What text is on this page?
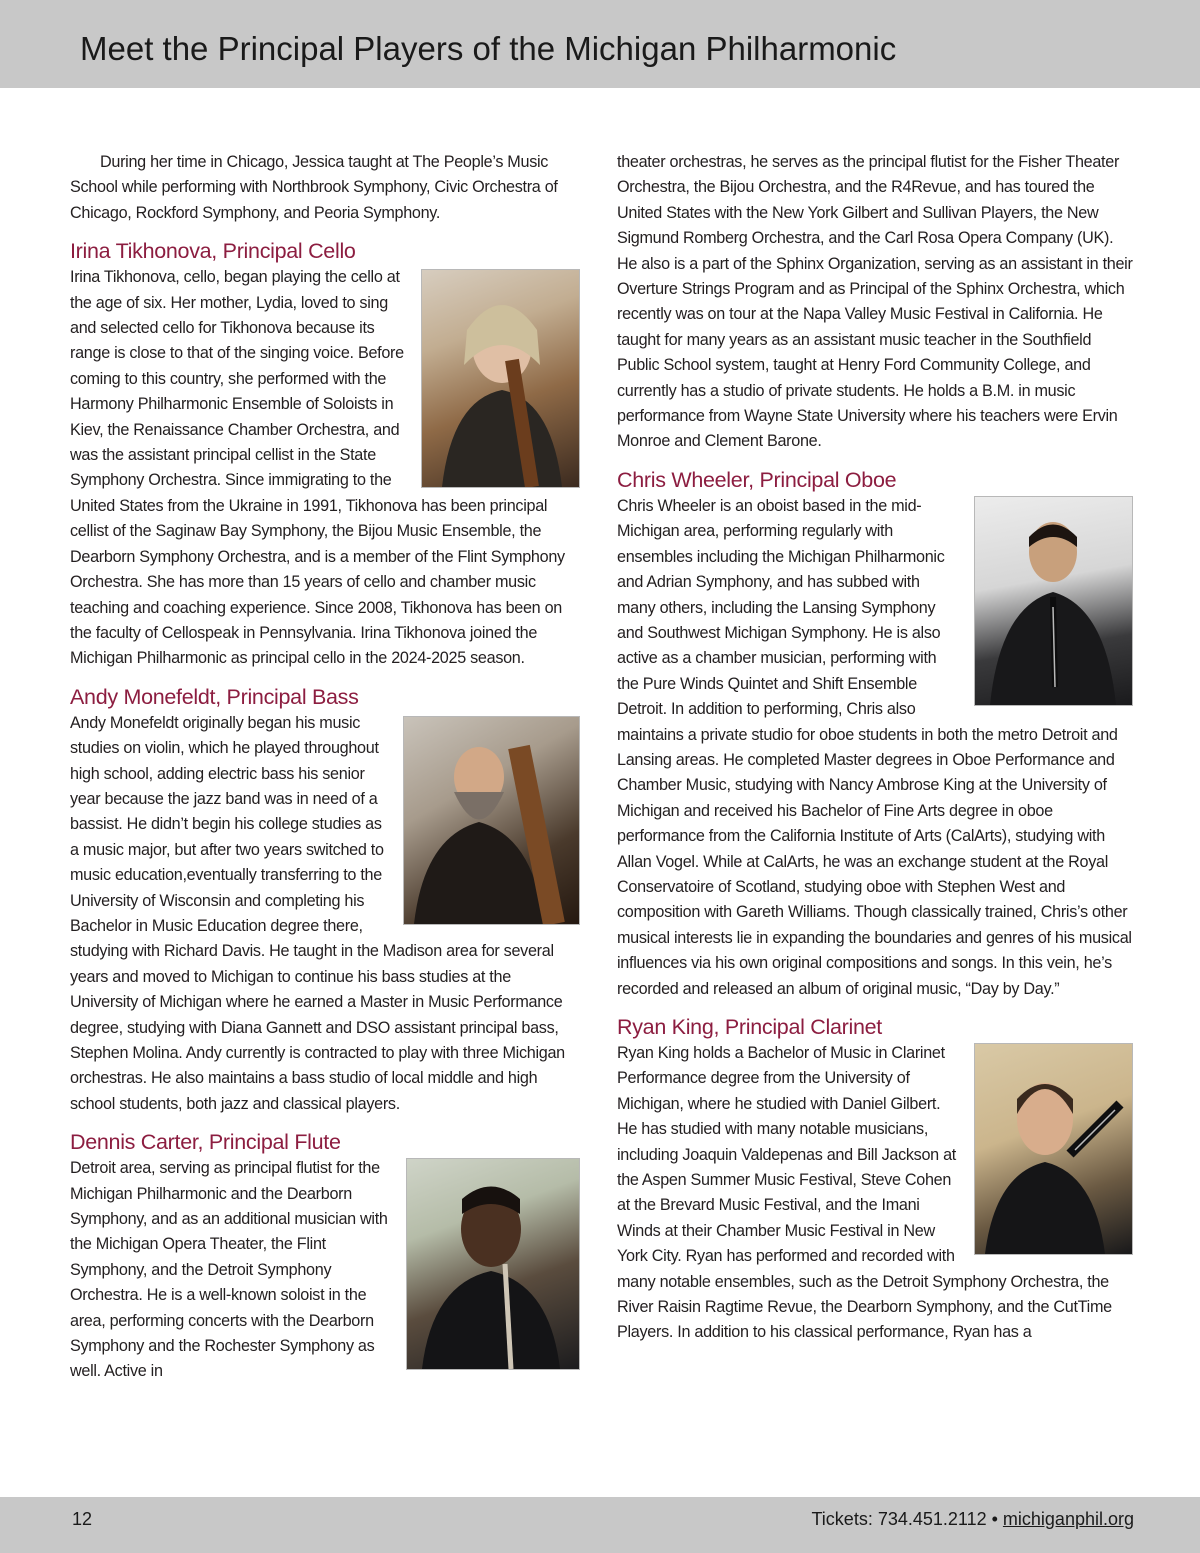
Meet the Principal Players of the Michigan Philharmonic

During her time in Chicago, Jessica taught at The People’s Music School while performing with Northbrook Symphony, Civic Orchestra of Chicago, Rockford Symphony, and Peoria Symphony.

Irina Tikhonova, Principal Cello

Irina Tikhonova, cello, began playing the cello at the age of six. Her mother, Lydia, loved to sing and selected cello for Tikhonova because its range is close to that of the singing voice. Before coming to this country, she performed with the Harmony Philharmonic Ensemble of Soloists in Kiev, the Renaissance Chamber Orchestra, and was the assistant principal cellist in the State Symphony Orchestra. Since immigrating to the United States from the Ukraine in 1991, Tikhonova has been principal cellist of the Saginaw Bay Symphony, the Bijou Music Ensemble, the Dearborn Symphony Orchestra, and is a member of the Flint Symphony Orchestra. She has more than 15 years of cello and chamber music teaching and coaching experience. Since 2008, Tikhonova has been on the faculty of Cellospeak in Pennsylvania. Irina Tikhonova joined the Michigan Philharmonic as principal cello in the 2024-2025 season.

Andy Monefeldt, Principal Bass

Andy Monefeldt originally began his music studies on violin, which he played throughout high school, adding electric bass his senior year because the jazz band was in need of a bassist. He didn’t begin his college studies as a music major, but after two years switched to music education,eventually transferring to the University of Wisconsin and completing his Bachelor in Music Education degree there, studying with Richard Davis. He taught in the Madison area for several years and moved to Michigan to continue his bass studies at the University of Michigan where he earned a Master in Music Performance degree, studying with Diana Gannett and DSO assistant principal bass, Stephen Molina. Andy currently is contracted to play with three Michigan orchestras. He also maintains a bass studio of local middle and high school students, both jazz and classical players.

Dennis Carter, Principal Flute

Detroit area, serving as principal flutist for the Michigan Philharmonic and the Dearborn Symphony, and as an additional musician with the Michigan Opera Theater, the Flint Symphony, and the Detroit Symphony Orchestra. He is a well-known soloist in the area, performing concerts with the Dearborn Symphony and the Rochester Symphony as well. Active in

theater orchestras, he serves as the principal flutist for the Fisher Theater Orchestra, the Bijou Orchestra, and the R4Revue, and has toured the United States with the New York Gilbert and Sullivan Players, the New Sigmund Romberg Orchestra, and the Carl Rosa Opera Company (UK). He also is a part of the Sphinx Organization, serving as an assistant in their Overture Strings Program and as Principal of the Sphinx Orchestra, which recently was on tour at the Napa Valley Music Festival in California. He taught for many years as an assistant music teacher in the Southfield Public School system, taught at Henry Ford Community College, and currently has a studio of private students. He holds a B.M. in music performance from Wayne State University where his teachers were Ervin Monroe and Clement Barone.

Chris Wheeler, Principal Oboe

Chris Wheeler is an oboist based in the mid-Michigan area, performing regularly with ensembles including the Michigan Philharmonic and Adrian Symphony, and has subbed with many others, including the Lansing Symphony and Southwest Michigan Symphony. He is also active as a chamber musician, performing with the Pure Winds Quintet and Shift Ensemble Detroit. In addition to performing, Chris also maintains a private studio for oboe students in both the metro Detroit and Lansing areas. He completed Master degrees in Oboe Performance and Chamber Music, studying with Nancy Ambrose King at the University of Michigan and received his Bachelor of Fine Arts degree in oboe performance from the California Institute of Arts (CalArts), studying with Allan Vogel. While at CalArts, he was an exchange student at the Royal Conservatoire of Scotland, studying oboe with Stephen West and composition with Gareth Williams. Though classically trained, Chris’s other musical interests lie in expanding the boundaries and genres of his musical influences via his own original compositions and songs. In this vein, he’s recorded and released an album of original music, “Day by Day.”

Ryan King, Principal Clarinet

Ryan King holds a Bachelor of Music in Clarinet Performance degree from the University of Michigan, where he studied with Daniel Gilbert. He has studied with many notable musicians, including Joaquin Valdepenas and Bill Jackson at the Aspen Summer Music Festival, Steve Cohen at the Brevard Music Festival, and the Imani Winds at their Chamber Music Festival in New York City. Ryan has performed and recorded with many notable ensembles, such as the Detroit Symphony Orchestra, the River Raisin Ragtime Revue, the Dearborn Symphony, and the CutTime Players. In addition to his classical performance, Ryan has a

12	Tickets: 734.451.2112 • michiganphil.org
